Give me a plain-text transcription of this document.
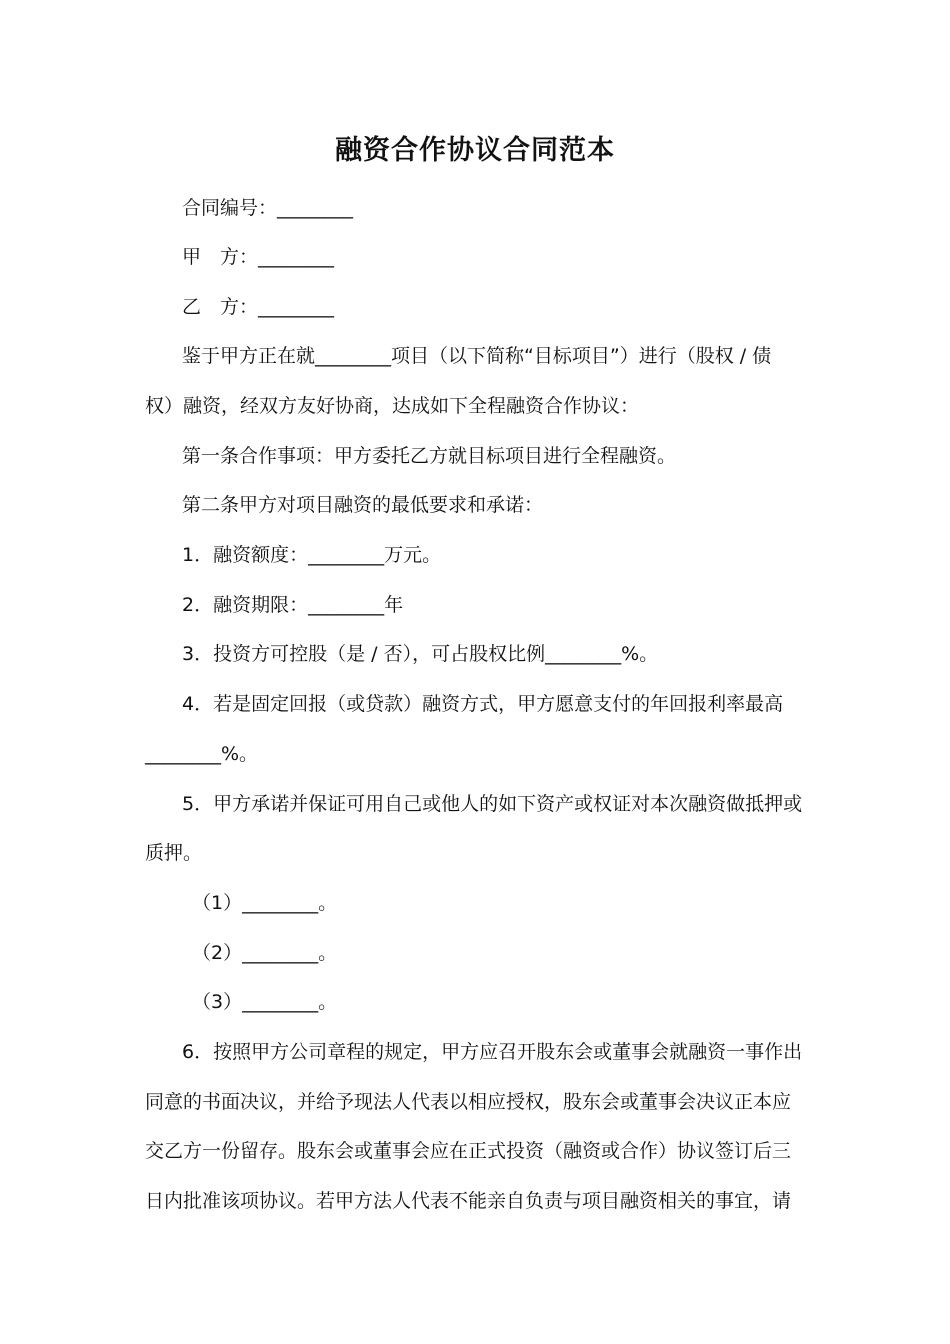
融资合作协议合同范本
合同编号：________
甲　方：________
乙　方：________
鉴于甲方正在就________项目（以下简称“目标项目”）进行（股权 / 债
权）融资，经双方友好协商，达成如下全程融资合作协议：
第一条合作事项：甲方委托乙方就目标项目进行全程融资。
第二条甲方对项目融资的最低要求和承诺：
1．融资额度：________万元。
2．融资期限：________年
3．投资方可控股（是 / 否），可占股权比例________%。
4．若是固定回报（或贷款）融资方式，甲方愿意支付的年回报利率最高
________%。
5．甲方承诺并保证可用自己或他人的如下资产或权证对本次融资做抵押或
质押。
（1）________。
（2）________。
（3）________。
6．按照甲方公司章程的规定，甲方应召开股东会或董事会就融资一事作出
同意的书面决议，并给予现法人代表以相应授权，股东会或董事会决议正本应
交乙方一份留存。股东会或董事会应在正式投资（融资或合作）协议签订后三
日内批准该项协议。若甲方法人代表不能亲自负责与项目融资相关的事宜，请
